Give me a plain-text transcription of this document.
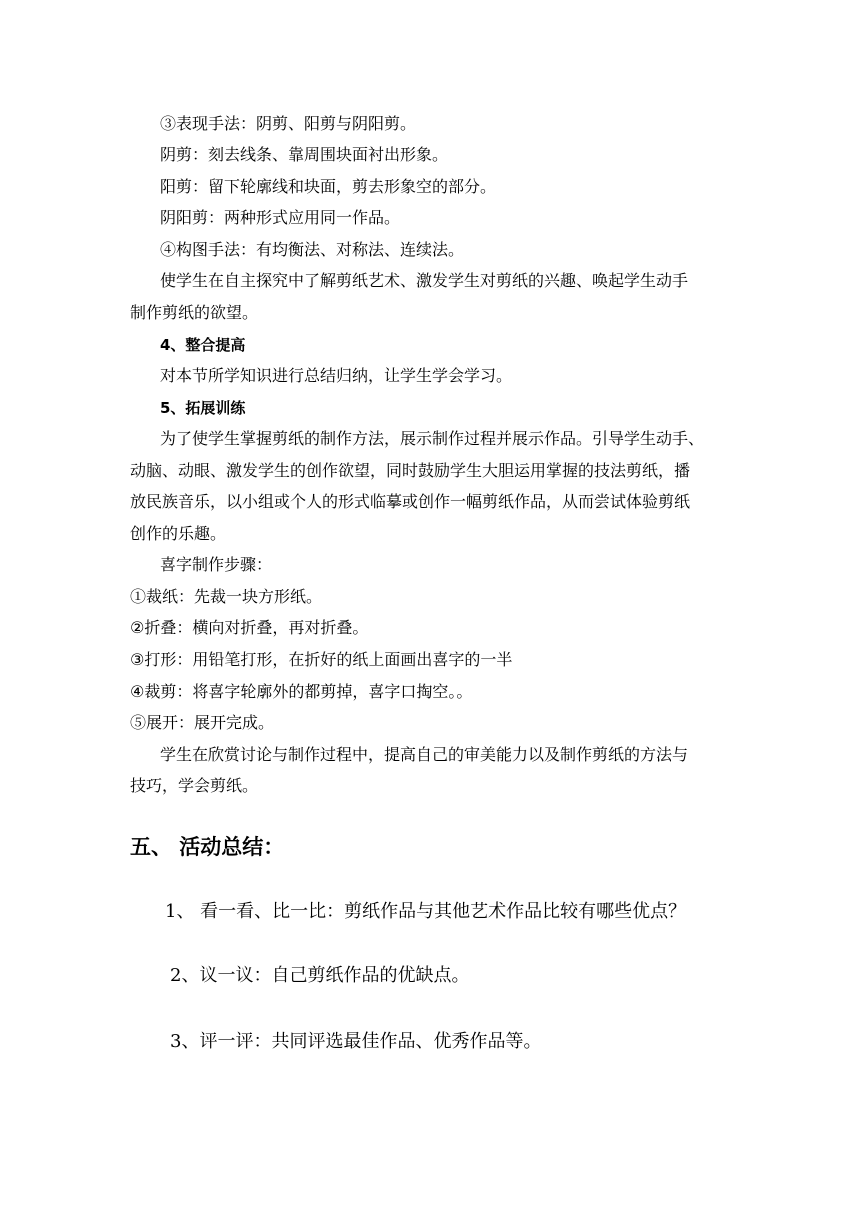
③表现手法：阴剪、阳剪与阴阳剪。
阴剪：刻去线条、靠周围块面衬出形象。
阳剪：留下轮廓线和块面，剪去形象空的部分。
阴阳剪：两种形式应用同一作品。
④构图手法：有均衡法、对称法、连续法。
使学生在自主探究中了解剪纸艺术、激发学生对剪纸的兴趣、唤起学生动手
制作剪纸的欲望。
4、整合提高
对本节所学知识进行总结归纳，让学生学会学习。
5、拓展训练
为了使学生掌握剪纸的制作方法，展示制作过程并展示作品。引导学生动手、
动脑、动眼、激发学生的创作欲望，同时鼓励学生大胆运用掌握的技法剪纸，播
放民族音乐，以小组或个人的形式临摹或创作一幅剪纸作品，从而尝试体验剪纸
创作的乐趣。
喜字制作步骤：
①裁纸：先裁一块方形纸。
②折叠：横向对折叠，再对折叠。
③打形：用铅笔打形，在折好的纸上面画出喜字的一半
④裁剪：将喜字轮廓外的都剪掉，喜字口掏空。。
⑤展开：展开完成。
学生在欣赏讨论与制作过程中，提高自己的审美能力以及制作剪纸的方法与
技巧，学会剪纸。
五、 活动总结：
1、 看一看、比一比：剪纸作品与其他艺术作品比较有哪些优点？
2、议一议：自己剪纸作品的优缺点。
3、评一评：共同评选最佳作品、优秀作品等。
